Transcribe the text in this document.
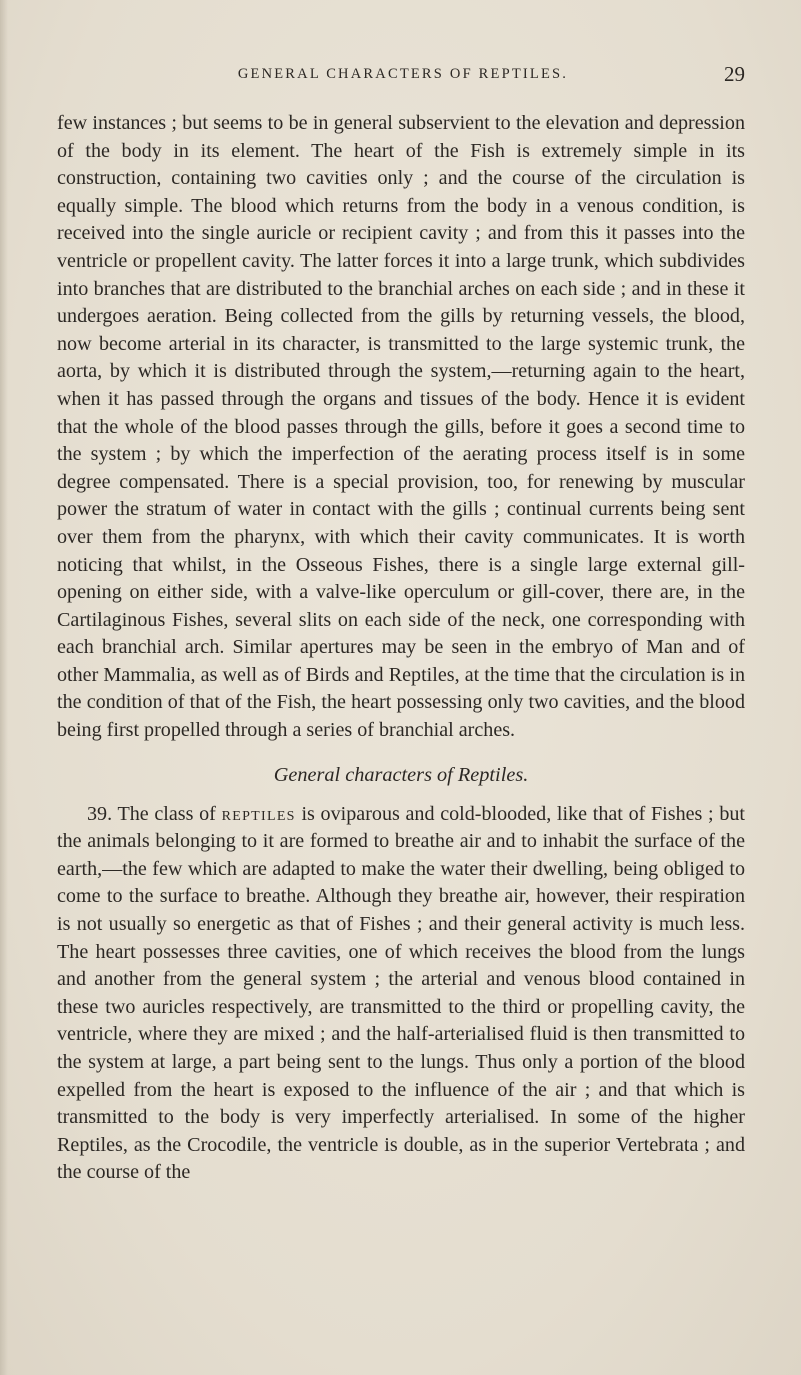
GENERAL CHARACTERS OF REPTILES.	29

few instances ; but seems to be in general subservient to the elevation and depression of the body in its element. The heart of the Fish is extremely simple in its construction, containing two cavities only ; and the course of the circulation is equally simple. The blood which returns from the body in a venous condition, is received into the single auricle or recipient cavity ; and from this it passes into the ventricle or propellent cavity. The latter forces it into a large trunk, which subdivides into branches that are distributed to the branchial arches on each side ; and in these it undergoes aeration. Being collected from the gills by returning vessels, the blood, now become arterial in its character, is transmitted to the large systemic trunk, the aorta, by which it is distributed through the system,—returning again to the heart, when it has passed through the organs and tissues of the body. Hence it is evident that the whole of the blood passes through the gills, before it goes a second time to the system ; by which the imperfection of the aerating process itself is in some degree compensated. There is a special provision, too, for renewing by muscular power the stratum of water in contact with the gills ; continual currents being sent over them from the pharynx, with which their cavity communicates. It is worth noticing that whilst, in the Osseous Fishes, there is a single large external gill-opening on either side, with a valve-like operculum or gill-cover, there are, in the Cartilaginous Fishes, several slits on each side of the neck, one corresponding with each branchial arch. Similar apertures may be seen in the embryo of Man and of other Mammalia, as well as of Birds and Reptiles, at the time that the circulation is in the condition of that of the Fish, the heart possessing only two cavities, and the blood being first propelled through a series of branchial arches.

General characters of Reptiles.

39. The class of reptiles is oviparous and cold-blooded, like that of Fishes ; but the animals belonging to it are formed to breathe air and to inhabit the surface of the earth,—the few which are adapted to make the water their dwelling, being obliged to come to the surface to breathe. Although they breathe air, however, their respiration is not usually so energetic as that of Fishes ; and their general activity is much less. The heart possesses three cavities, one of which receives the blood from the lungs and another from the general system ; the arterial and venous blood contained in these two auricles respectively, are transmitted to the third or propelling cavity, the ventricle, where they are mixed ; and the half-arterialised fluid is then transmitted to the system at large, a part being sent to the lungs. Thus only a portion of the blood expelled from the heart is exposed to the influence of the air ; and that which is transmitted to the body is very imperfectly arterialised. In some of the higher Reptiles, as the Crocodile, the ventricle is double, as in the superior Vertebrata ; and the course of the
